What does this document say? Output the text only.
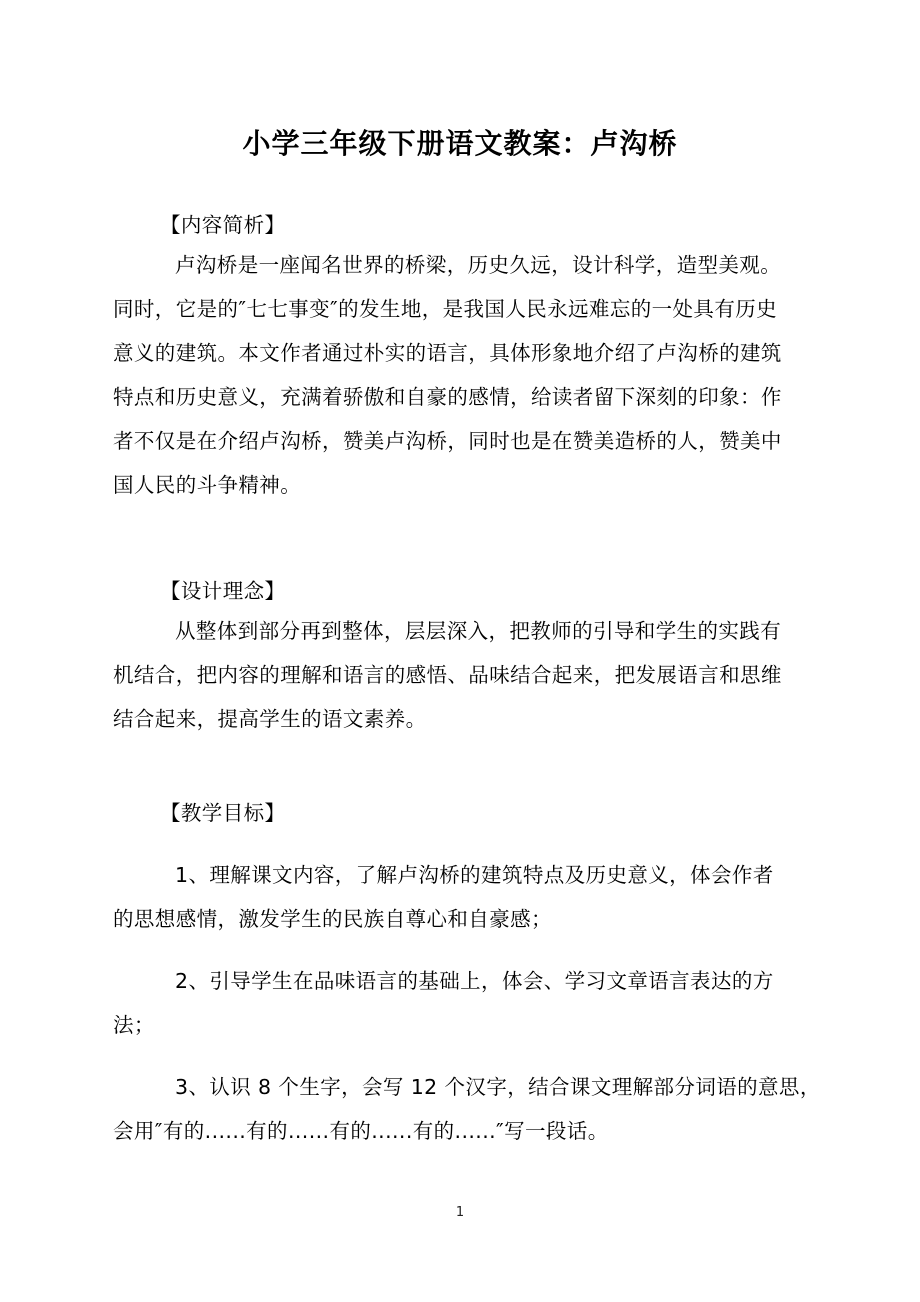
小学三年级下册语文教案：卢沟桥
【内容简析】
卢沟桥是一座闻名世界的桥梁，历史久远，设计科学，造型美观。
同时，它是的″七七事变″的发生地，是我国人民永远难忘的一处具有历史
意义的建筑。本文作者通过朴实的语言，具体形象地介绍了卢沟桥的建筑
特点和历史意义，充满着骄傲和自豪的感情，给读者留下深刻的印象：作
者不仅是在介绍卢沟桥，赞美卢沟桥，同时也是在赞美造桥的人，赞美中
国人民的斗争精神。
【设计理念】
从整体到部分再到整体，层层深入，把教师的引导和学生的实践有
机结合，把内容的理解和语言的感悟、品味结合起来，把发展语言和思维
结合起来，提高学生的语文素养。
【教学目标】
1、理解课文内容，了解卢沟桥的建筑特点及历史意义，体会作者
的思想感情，激发学生的民族自尊心和自豪感；
2、引导学生在品味语言的基础上，体会、学习文章语言表达的方
法；
3、认识 8 个生字，会写 12 个汉字，结合课文理解部分词语的意思，
会用″有的......有的......有的......有的......″写一段话。
1
